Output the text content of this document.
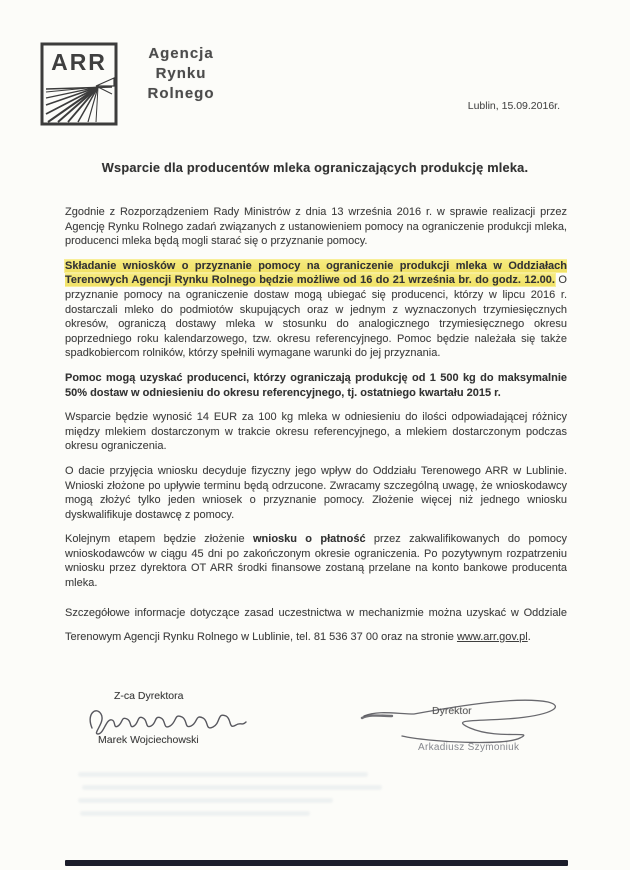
ARR	Agencja
Rynku
Rolnego
Lublin, 15.09.2016r.
Wsparcie dla producentów mleka ograniczających produkcję mleka.

Zgodnie z Rozporządzeniem Rady Ministrów z dnia 13 września 2016 r. w sprawie realizacji przez Agencję Rynku Rolnego zadań związanych z ustanowieniem pomocy na ograniczenie produkcji mleka, producenci mleka będą mogli starać się o przyznanie pomocy.

Składanie wniosków o przyznanie pomocy na ograniczenie produkcji mleka w Oddziałach Terenowych Agencji Rynku Rolnego będzie możliwe od 16 do 21 września br. do godz. 12.00. O przyznanie pomocy na ograniczenie dostaw mogą ubiegać się producenci, którzy w lipcu 2016 r. dostarczali mleko do podmiotów skupujących oraz w jednym z wyznaczonych trzymiesięcznych okresów, ograniczą dostawy mleka w stosunku do analogicznego trzymiesięcznego okresu poprzedniego roku kalendarzowego, tzw. okresu referencyjnego. Pomoc będzie należała się także spadkobiercom rolników, którzy spełnili wymagane warunki do jej przyznania.

Pomoc mogą uzyskać producenci, którzy ograniczają produkcję od 1 500 kg do maksymalnie 50% dostaw w odniesieniu do okresu referencyjnego, tj. ostatniego kwartału 2015 r.

Wsparcie będzie wynosić 14 EUR za 100 kg mleka w odniesieniu do ilości odpowiadającej różnicy między mlekiem dostarczonym w trakcie okresu referencyjnego, a mlekiem dostarczonym podczas okresu ograniczenia.

O dacie przyjęcia wniosku decyduje fizyczny jego wpływ do Oddziału Terenowego ARR w Lublinie. Wnioski złożone po upływie terminu będą odrzucone. Zwracamy szczególną uwagę, że wnioskodawcy mogą złożyć tylko jeden wniosek o przyznanie pomocy. Złożenie więcej niż jednego wniosku dyskwalifikuje dostawcę z pomocy.

Kolejnym etapem będzie złożenie wniosku o płatność przez zakwalifikowanych do pomocy wnioskodawców w ciągu 45 dni po zakończonym okresie ograniczenia. Po pozytywnym rozpatrzeniu wniosku przez dyrektora OT ARR środki finansowe zostaną przelane na konto bankowe producenta mleka.

Szczegółowe informacje dotyczące zasad uczestnictwa w mechanizmie można uzyskać w Oddziale Terenowym Agencji Rynku Rolnego w Lublinie, tel. 81 536 37 00 oraz na stronie www.arr.gov.pl.

Z-ca Dyrektora
Marek Wojciechowski
Dyrektor
Arkadiusz Szymoniuk
